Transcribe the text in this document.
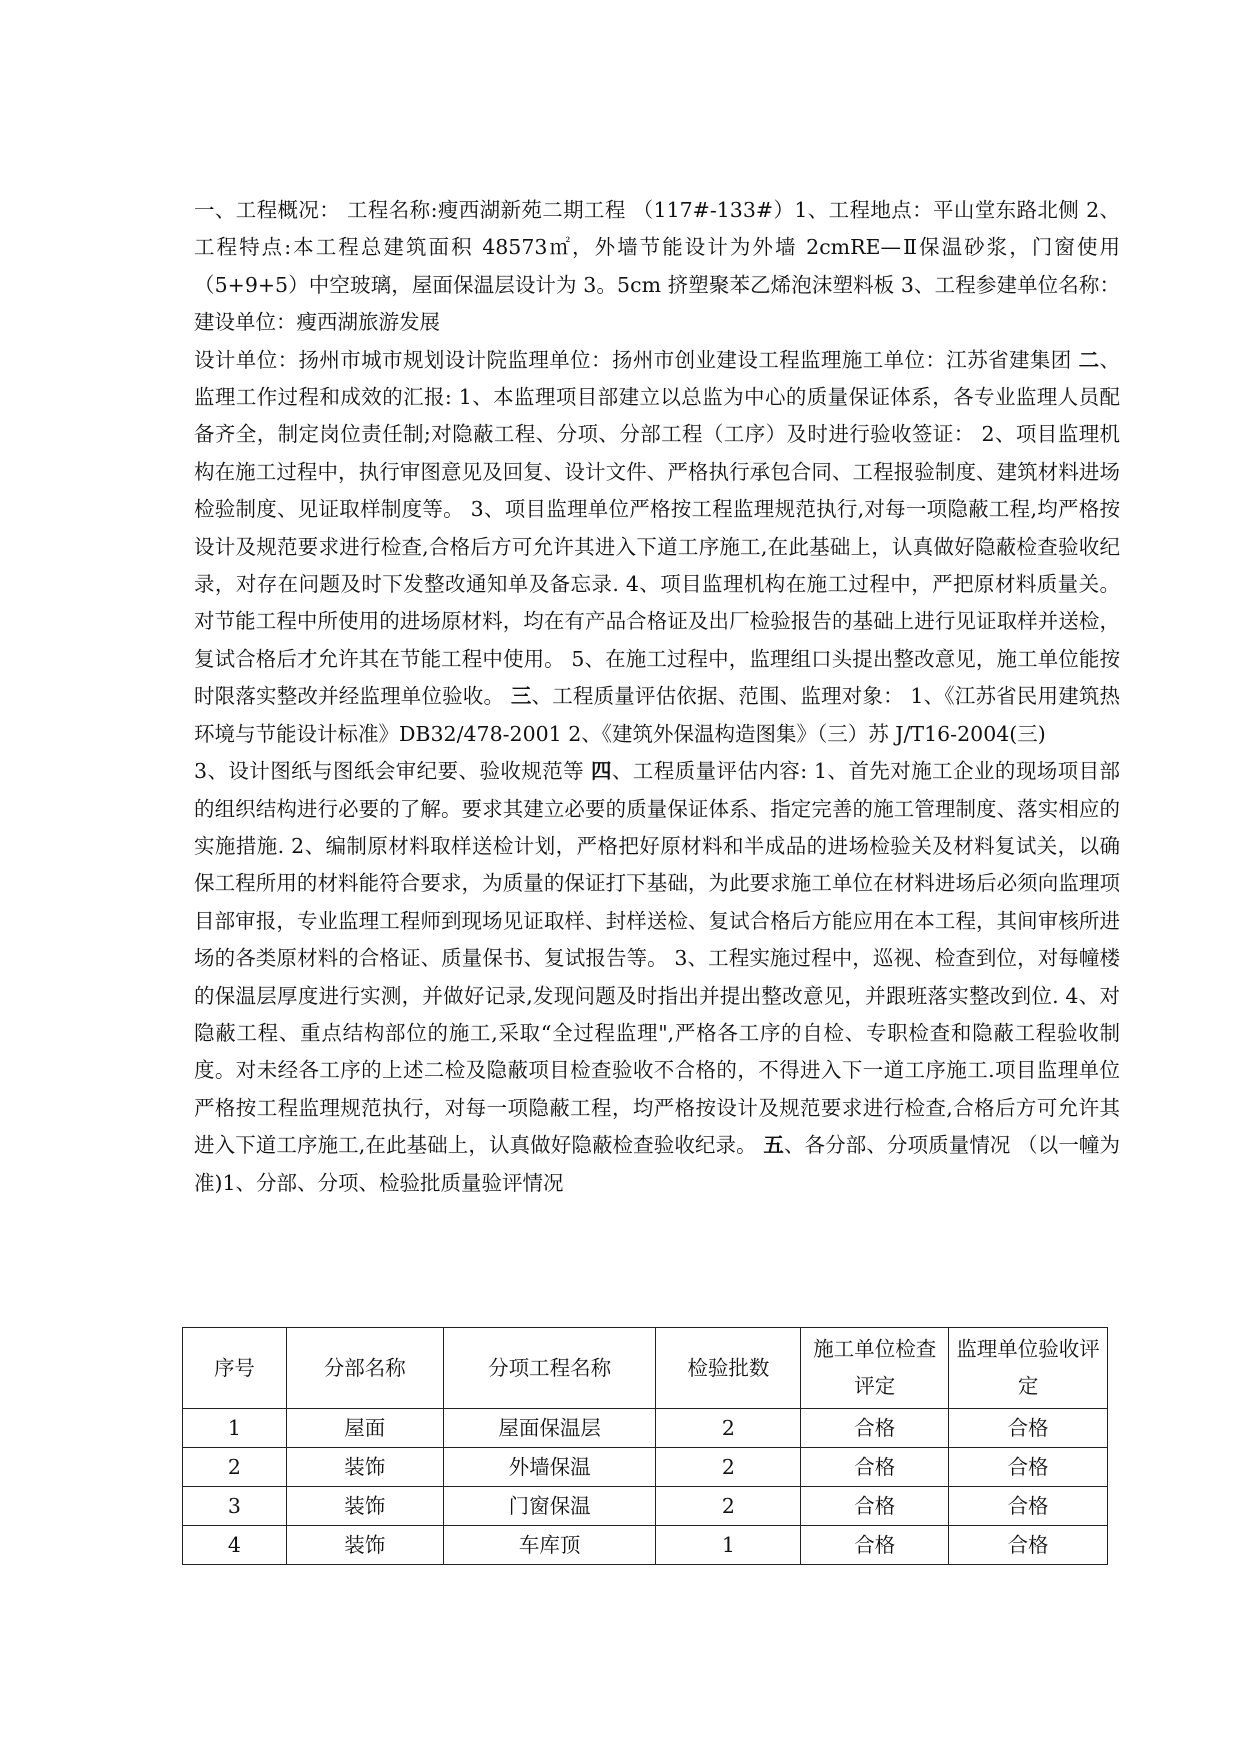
一、工程概况： 工程名称:瘦西湖新苑二期工程 （117#-133#）1、工程地点：平山堂东路北侧 2、工程特点:本工程总建筑面积 48573㎡，外墙节能设计为外墙 2cmRE—Ⅱ保温砂浆，门窗使用（5+9+5）中空玻璃，屋面保温层设计为 3。5cm 挤塑聚苯乙烯泡沫塑料板 3、工程参建单位名称： 建设单位：瘦西湖旅游发展

设计单位：扬州市城市规划设计院监理单位：扬州市创业建设工程监理施工单位：江苏省建集团 二、监理工作过程和成效的汇报: 1、本监理项目部建立以总监为中心的质量保证体系，各专业监理人员配备齐全，制定岗位责任制;对隐蔽工程、分项、分部工程（工序）及时进行验收签证： 2、项目监理机构在施工过程中，执行审图意见及回复、设计文件、严格执行承包合同、工程报验制度、建筑材料进场检验制度、见证取样制度等。 3、项目监理单位严格按工程监理规范执行,对每一项隐蔽工程,均严格按设计及规范要求进行检查,合格后方可允许其进入下道工序施工,在此基础上，认真做好隐蔽检查验收纪录，对存在问题及时下发整改通知单及备忘录. 4、项目监理机构在施工过程中，严把原材料质量关。对节能工程中所使用的进场原材料，均在有产品合格证及出厂检验报告的基础上进行见证取样并送检，复试合格后才允许其在节能工程中使用。 5、在施工过程中，监理组口头提出整改意见，施工单位能按时限落实整改并经监理单位验收。 三、工程质量评估依据、范围、监理对象： 1、《江苏省民用建筑热环境与节能设计标准》DB32/478-2001 2、《建筑外保温构造图集》（三）苏 J/T16-2004(三)

3、设计图纸与图纸会审纪要、验收规范等 四、工程质量评估内容: 1、首先对施工企业的现场项目部的组织结构进行必要的了解。要求其建立必要的质量保证体系、指定完善的施工管理制度、落实相应的实施措施. 2、编制原材料取样送检计划，严格把好原材料和半成品的进场检验关及材料复试关，以确保工程所用的材料能符合要求，为质量的保证打下基础，为此要求施工单位在材料进场后必须向监理项目部审报，专业监理工程师到现场见证取样、封样送检、复试合格后方能应用在本工程，其间审核所进场的各类原材料的合格证、质量保书、复试报告等。 3、工程实施过程中，巡视、检查到位，对每幢楼的保温层厚度进行实测，并做好记录,发现问题及时指出并提出整改意见，并跟班落实整改到位. 4、对隐蔽工程、重点结构部位的施工,采取“全过程监理",严格各工序的自检、专职检查和隐蔽工程验收制度。对未经各工序的上述二检及隐蔽项目检查验收不合格的，不得进入下一道工序施工.项目监理单位严格按工程监理规范执行，对每一项隐蔽工程，均严格按设计及规范要求进行检查,合格后方可允许其进入下道工序施工,在此基础上，认真做好隐蔽检查验收纪录。 五、各分部、分项质量情况 （以一幢为准)1、分部、分项、检验批质量验评情况

序号	分部名称	分项工程名称	检验批数	施工单位检查评定	监理单位验收评定
1	屋面	屋面保温层	2	合格	合格
2	装饰	外墙保温	2	合格	合格
3	装饰	门窗保温	2	合格	合格
4	装饰	车库顶	1	合格	合格
